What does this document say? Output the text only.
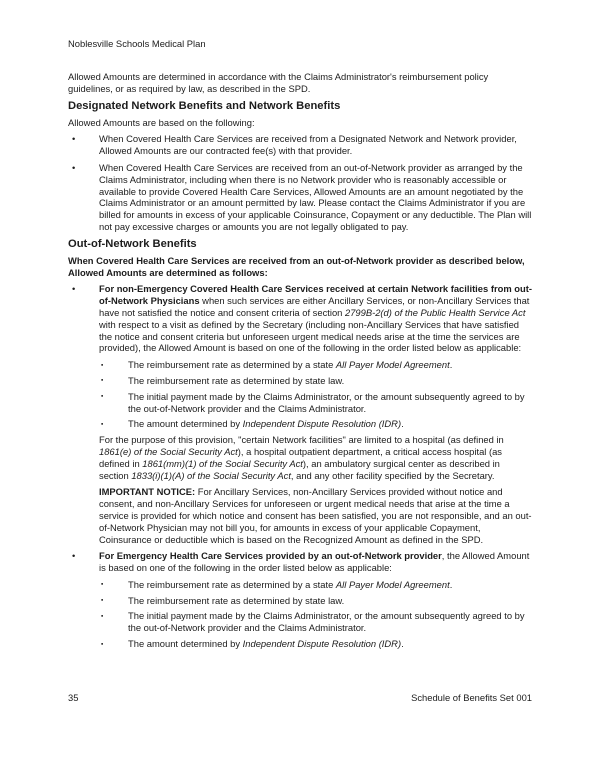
Noblesville Schools Medical Plan
Allowed Amounts are determined in accordance with the Claims Administrator's reimbursement policy guidelines, or as required by law, as described in the SPD.
Designated Network Benefits and Network Benefits
Allowed Amounts are based on the following:
•	When Covered Health Care Services are received from a Designated Network and Network provider, Allowed Amounts are our contracted fee(s) with that provider.
•	When Covered Health Care Services are received from an out-of-Network provider as arranged by the Claims Administrator, including when there is no Network provider who is reasonably accessible or available to provide Covered Health Care Services, Allowed Amounts are an amount negotiated by the Claims Administrator or an amount permitted by law. Please contact the Claims Administrator if you are billed for amounts in excess of your applicable Coinsurance, Copayment or any deductible. The Plan will not pay excessive charges or amounts you are not legally obligated to pay.
Out-of-Network Benefits
When Covered Health Care Services are received from an out-of-Network provider as described below, Allowed Amounts are determined as follows:
•	For non-Emergency Covered Health Care Services received at certain Network facilities from out-of-Network Physicians when such services are either Ancillary Services, or non-Ancillary Services that have not satisfied the notice and consent criteria of section 2799B-2(d) of the Public Health Service Act with respect to a visit as defined by the Secretary (including non-Ancillary Services that have satisfied the notice and consent criteria but unforeseen urgent medical needs arise at the time the services are provided), the Allowed Amount is based on one of the following in the order listed below as applicable:
▪	The reimbursement rate as determined by a state All Payer Model Agreement.
▪	The reimbursement rate as determined by state law.
▪	The initial payment made by the Claims Administrator, or the amount subsequently agreed to by the out-of-Network provider and the Claims Administrator.
▪	The amount determined by Independent Dispute Resolution (IDR).
For the purpose of this provision, "certain Network facilities" are limited to a hospital (as defined in 1861(e) of the Social Security Act), a hospital outpatient department, a critical access hospital (as defined in 1861(mm)(1) of the Social Security Act), an ambulatory surgical center as described in section 1833(i)(1)(A) of the Social Security Act, and any other facility specified by the Secretary.
IMPORTANT NOTICE: For Ancillary Services, non-Ancillary Services provided without notice and consent, and non-Ancillary Services for unforeseen or urgent medical needs that arise at the time a service is provided for which notice and consent has been satisfied, you are not responsible, and an out-of-Network Physician may not bill you, for amounts in excess of your applicable Copayment, Coinsurance or deductible which is based on the Recognized Amount as defined in the SPD.
•	For Emergency Health Care Services provided by an out-of-Network provider, the Allowed Amount is based on one of the following in the order listed below as applicable:
▪	The reimbursement rate as determined by a state All Payer Model Agreement.
▪	The reimbursement rate as determined by state law.
▪	The initial payment made by the Claims Administrator, or the amount subsequently agreed to by the out-of-Network provider and the Claims Administrator.
▪	The amount determined by Independent Dispute Resolution (IDR).
35	Schedule of Benefits Set 001
